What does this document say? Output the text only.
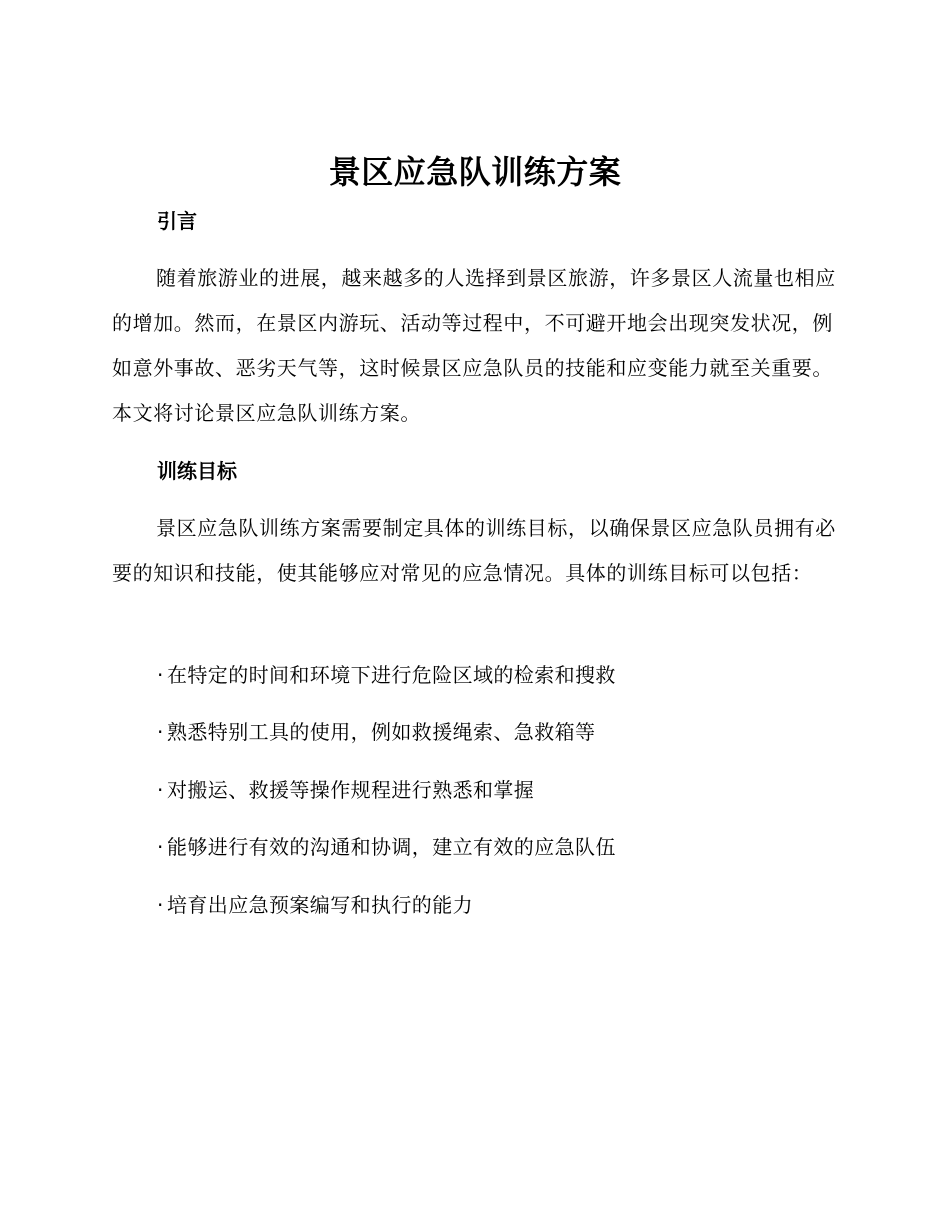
景区应急队训练方案
引言
随着旅游业的进展，越来越多的人选择到景区旅游，许多景区人流量也相应的增加。然而，在景区内游玩、活动等过程中，不可避开地会出现突发状况，例如意外事故、恶劣天气等，这时候景区应急队员的技能和应变能力就至关重要。本文将讨论景区应急队训练方案。
训练目标
景区应急队训练方案需要制定具体的训练目标，以确保景区应急队员拥有必要的知识和技能，使其能够应对常见的应急情况。具体的训练目标可以包括：
· 在特定的时间和环境下进行危险区域的检索和搜救
· 熟悉特别工具的使用，例如救援绳索、急救箱等
· 对搬运、救援等操作规程进行熟悉和掌握
· 能够进行有效的沟通和协调，建立有效的应急队伍
· 培育出应急预案编写和执行的能力
